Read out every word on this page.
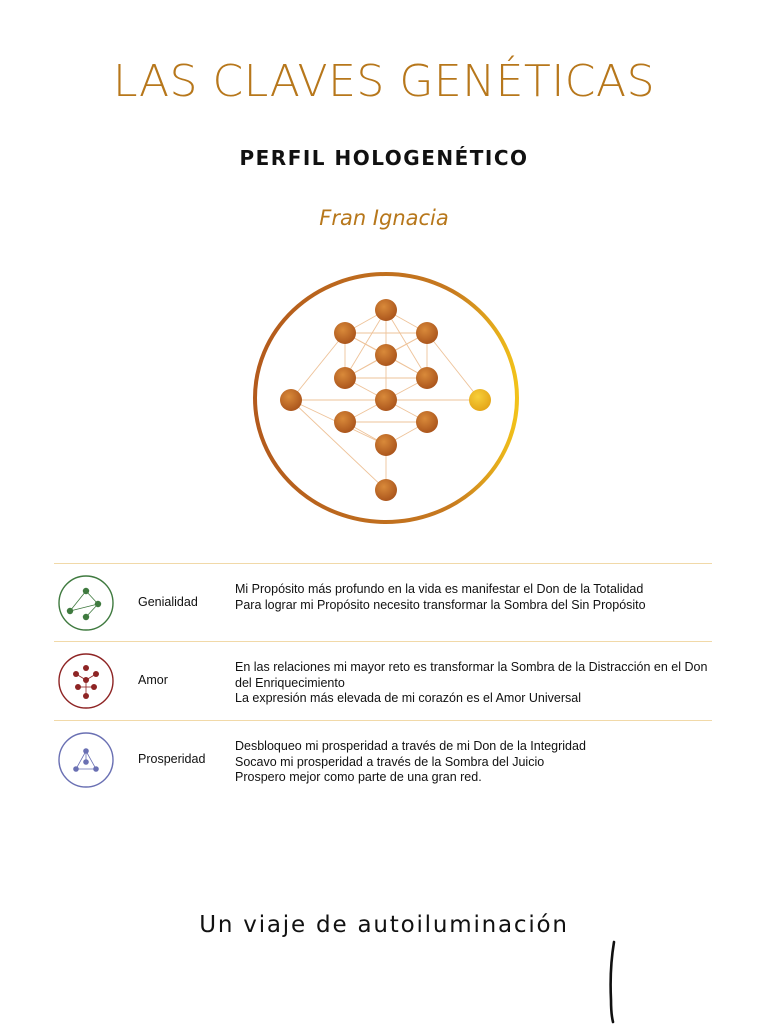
LAS CLAVES GENÉTICAS
PERFIL HOLOGENÉTICO

Fran Ignacia

Genialidad
Mi Propósito más profundo en la vida es manifestar el Don de la Totalidad
Para lograr mi Propósito necesito transformar la Sombra del Sin Propósito
Amor
En las relaciones mi mayor reto es transformar la Sombra de la Distracción en el Don del Enriquecimiento
La expresión más elevada de mi corazón es el Amor Universal
Prosperidad
Desbloqueo mi prosperidad a través de mi Don de la Integridad
Socavo mi prosperidad a través de la Sombra del Juicio
Prospero mejor como parte de una gran red.

Un viaje de autoiluminación
